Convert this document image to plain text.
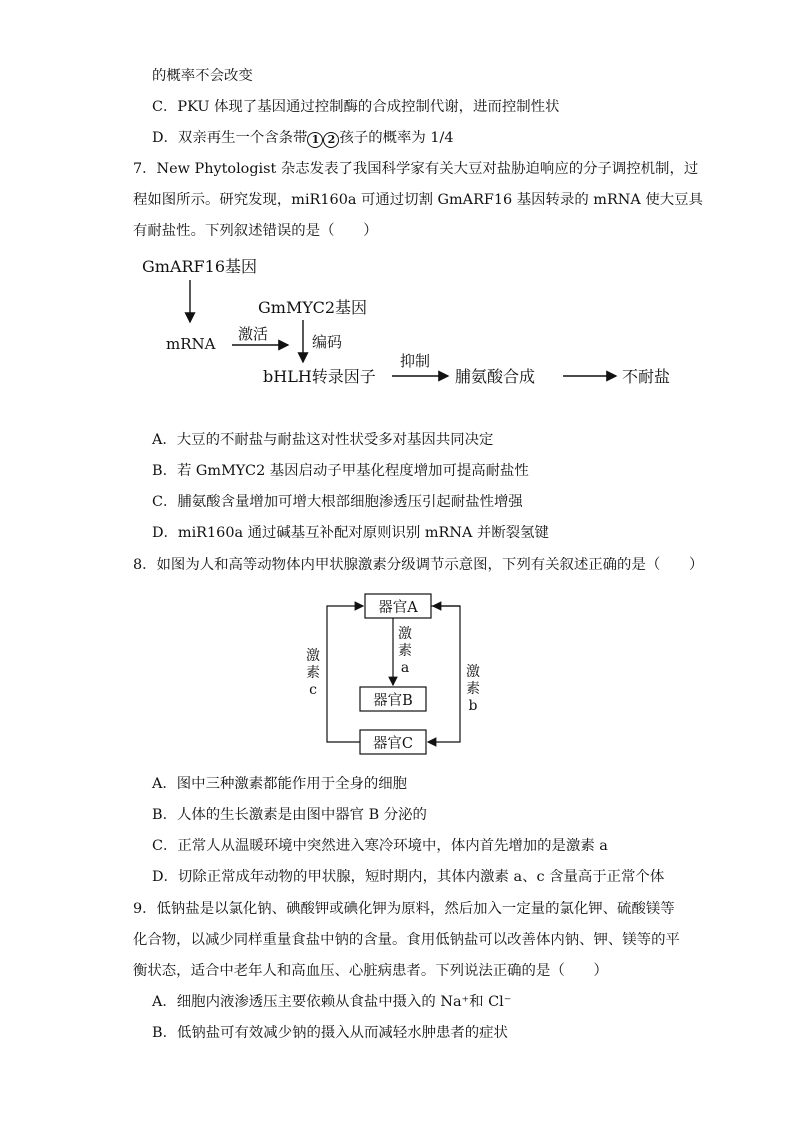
的概率不会改变
C．PKU 体现了基因通过控制酶的合成控制代谢，进而控制性状
D．双亲再生一个含条带 1 2 孩子的概率为 1/4
7．New Phytologist 杂志发表了我国科学家有关大豆对盐胁迫响应的分子调控机制，过
程如图所示。研究发现，miR160a 可通过切割 GmARF16 基因转录的 mRNA 使大豆具
有耐盐性。下列叙述错误的是（　　）
GmARF16基因
mRNA
激活
GmMYC2基因
编码
bHLH转录因子
抑制
脯氨酸合成	不耐盐
A．大豆的不耐盐与耐盐这对性状受多对基因共同决定
B．若 GmMYC2 基因启动子甲基化程度增加可提高耐盐性
C．脯氨酸含量增加可增大根部细胞渗透压引起耐盐性增强
D．miR160a 通过碱基互补配对原则识别 mRNA 并断裂氢键
8．如图为人和高等动物体内甲状腺激素分级调节示意图，下列有关叙述正确的是（　　）
器官A
器官B
器官C
激
素
a
激
素
c
激
素
b
A．图中三种激素都能作用于全身的细胞
B．人体的生长激素是由图中器官 B 分泌的
C．正常人从温暖环境中突然进入寒冷环境中，体内首先增加的是激素 a
D．切除正常成年动物的甲状腺，短时期内，其体内激素 a、c 含量高于正常个体
9．低钠盐是以氯化钠、碘酸钾或碘化钾为原料，然后加入一定量的氯化钾、硫酸镁等
化合物，以减少同样重量食盐中钠的含量。食用低钠盐可以改善体内钠、钾、镁等的平
衡状态，适合中老年人和高血压、心脏病患者。下列说法正确的是（　　）
A．细胞内液渗透压主要依赖从食盐中摄入的 Na⁺和 Cl⁻
B．低钠盐可有效减少钠的摄入从而减轻水肿患者的症状
